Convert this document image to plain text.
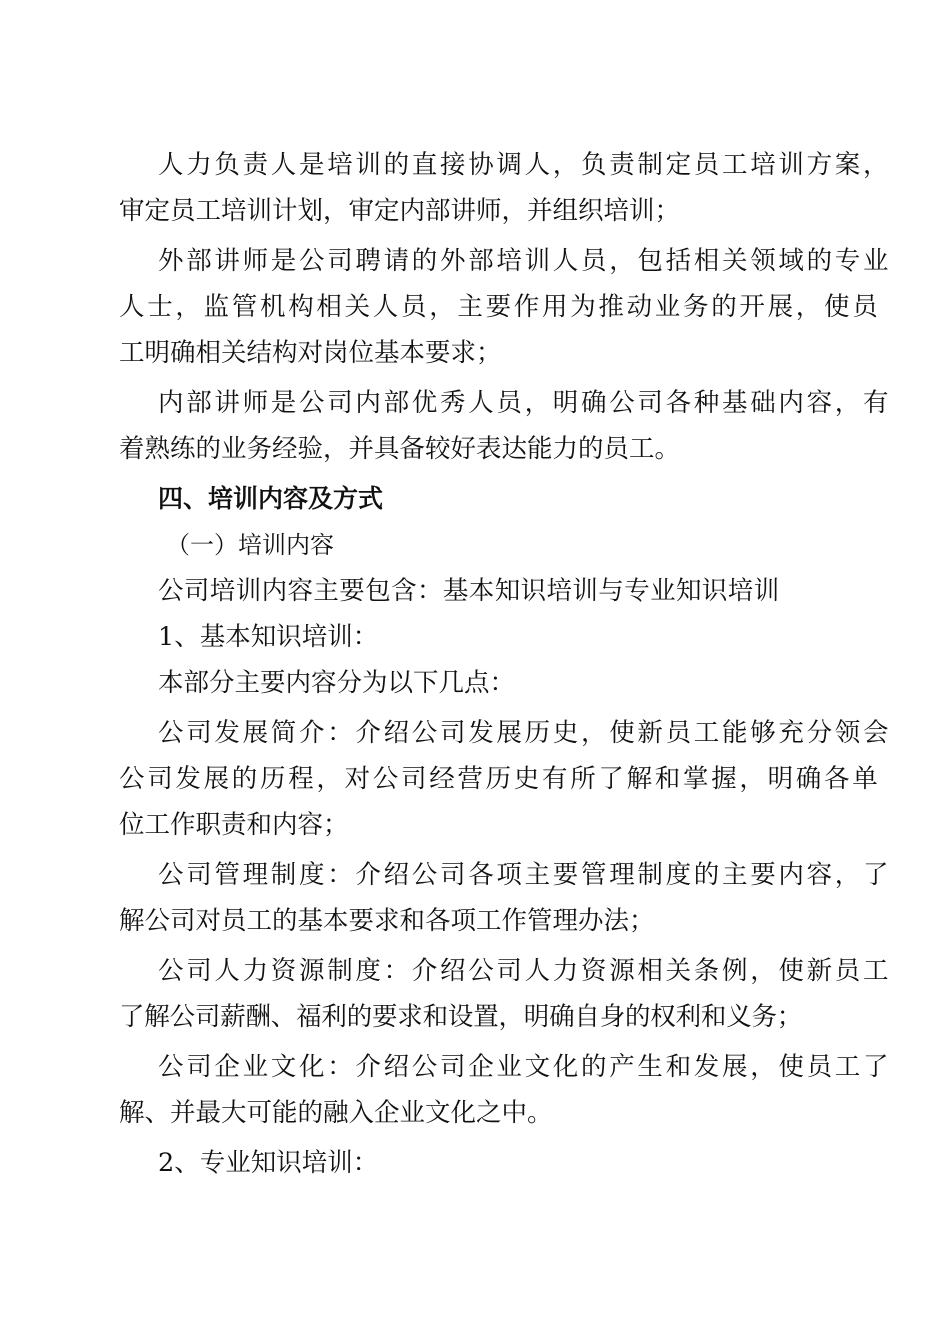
人力负责人是培训的直接协调人，负责制定员工培训方案，
审定员工培训计划，审定内部讲师，并组织培训；
外部讲师是公司聘请的外部培训人员，包括相关领域的专业
人士，监管机构相关人员，主要作用为推动业务的开展，使员
工明确相关结构对岗位基本要求；
内部讲师是公司内部优秀人员，明确公司各种基础内容，有
着熟练的业务经验，并具备较好表达能力的员工。
四、培训内容及方式
（一）培训内容
公司培训内容主要包含：基本知识培训与专业知识培训
1、基本知识培训：
本部分主要内容分为以下几点：
公司发展简介：介绍公司发展历史，使新员工能够充分领会
公司发展的历程，对公司经营历史有所了解和掌握，明确各单
位工作职责和内容；
公司管理制度：介绍公司各项主要管理制度的主要内容，了
解公司对员工的基本要求和各项工作管理办法；
公司人力资源制度：介绍公司人力资源相关条例，使新员工
了解公司薪酬、福利的要求和设置，明确自身的权利和义务；
公司企业文化：介绍公司企业文化的产生和发展，使员工了
解、并最大可能的融入企业文化之中。
2、专业知识培训：
